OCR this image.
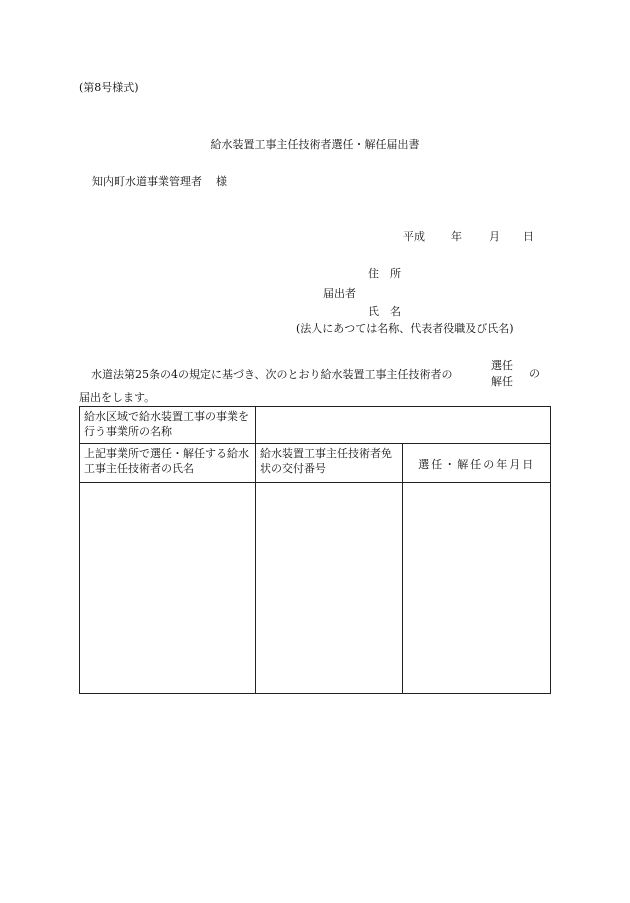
(第8号様式)
給水装置工事主任技術者選任・解任届出書
知内町水道事業管理者 様
平成 年 月 日
住　所
届出者
氏　名
(法人にあつては名称、代表者役職及び氏名)
水道法第25条の4の規定に基づき、次のとおり給水装置工事主任技術者の
選任
解任
の
届出をします。
給水区域で給水装置工事の事業を行う事業所の名称		
上記事業所で選任・解任する給水工事主任技術者の氏名	給水装置工事主任技術者免状の交付番号	選任・解任の年月日
